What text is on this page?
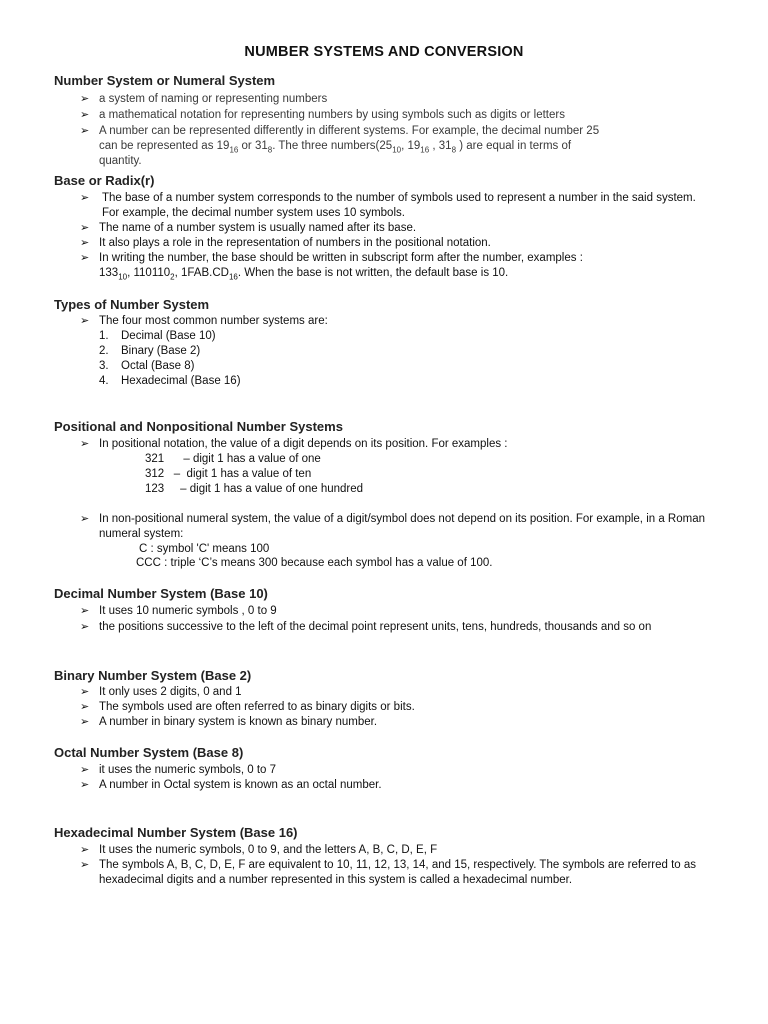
NUMBER SYSTEMS AND CONVERSION
Number System or Numeral System
➢ a system of naming or representing numbers
➢ a mathematical notation for representing numbers by using symbols such as digits or letters
➢ A number can be represented differently in different systems. For example, the decimal number 25
can be represented as $19_{16}$ or $31_8$. The three $numbers(25_{10}$, $19_{16}$ , $31_8$ ) are equal in terms of
quantity.
Base or Radix(r)
➢ The base of a number system corresponds to the number of symbols used to represent a number in the said system. For example, the decimal number system uses 10 symbols.
➢ The name of a number system is usually named after its base.
➢ It also plays a role in the representation of numbers in the positional notation.
➢ In writing the number, the base should be written in subscript form after the number, examples :
$133_{10}$, $110110_2$, $1FAB.CD_{16}$. When the base is not written, the default base is 10.
Types of Number System
➢ The four most common number systems are:
1. Decimal (Base 10)
2. Binary (Base 2)
3. Octal (Base 8)
4. Hexadecimal (Base 16)
Positional and Nonpositional Number Systems
➢ In positional notation, the value of a digit depends on its position. For examples :
321      – digit 1 has a value of one
312   –  digit 1 has a value of ten
123     – digit 1 has a value of one hundred
➢ In non-positional numeral system, the value of a digit/symbol does not depend on its position. For example, in a Roman numeral system:
C : symbol 'C' means 100
CCC : triple ‘C’s means 300 because each symbol has a value of 100.
Decimal Number System (Base 10)
➢ It uses 10 numeric symbols , 0 to 9
➢ the positions successive to the left of the decimal point represent units, tens, hundreds, thousands and so on
Binary Number System (Base 2)
➢ It only uses 2 digits, 0 and 1
➢ The symbols used are often referred to as binary digits or bits.
➢ A number in binary system is known as binary number.
Octal Number System (Base 8)
➢ it uses the numeric symbols, 0 to 7
➢ A number in Octal system is known as an octal number.
Hexadecimal Number System (Base 16)
➢ It uses the numeric symbols, 0 to 9, and the letters A, B, C, D, E, F
➢ The symbols A, B, C, D, E, F are equivalent to 10, 11, 12, 13, 14, and 15, respectively. The symbols are referred to as hexadecimal digits and a number represented in this system is called a hexadecimal number.
